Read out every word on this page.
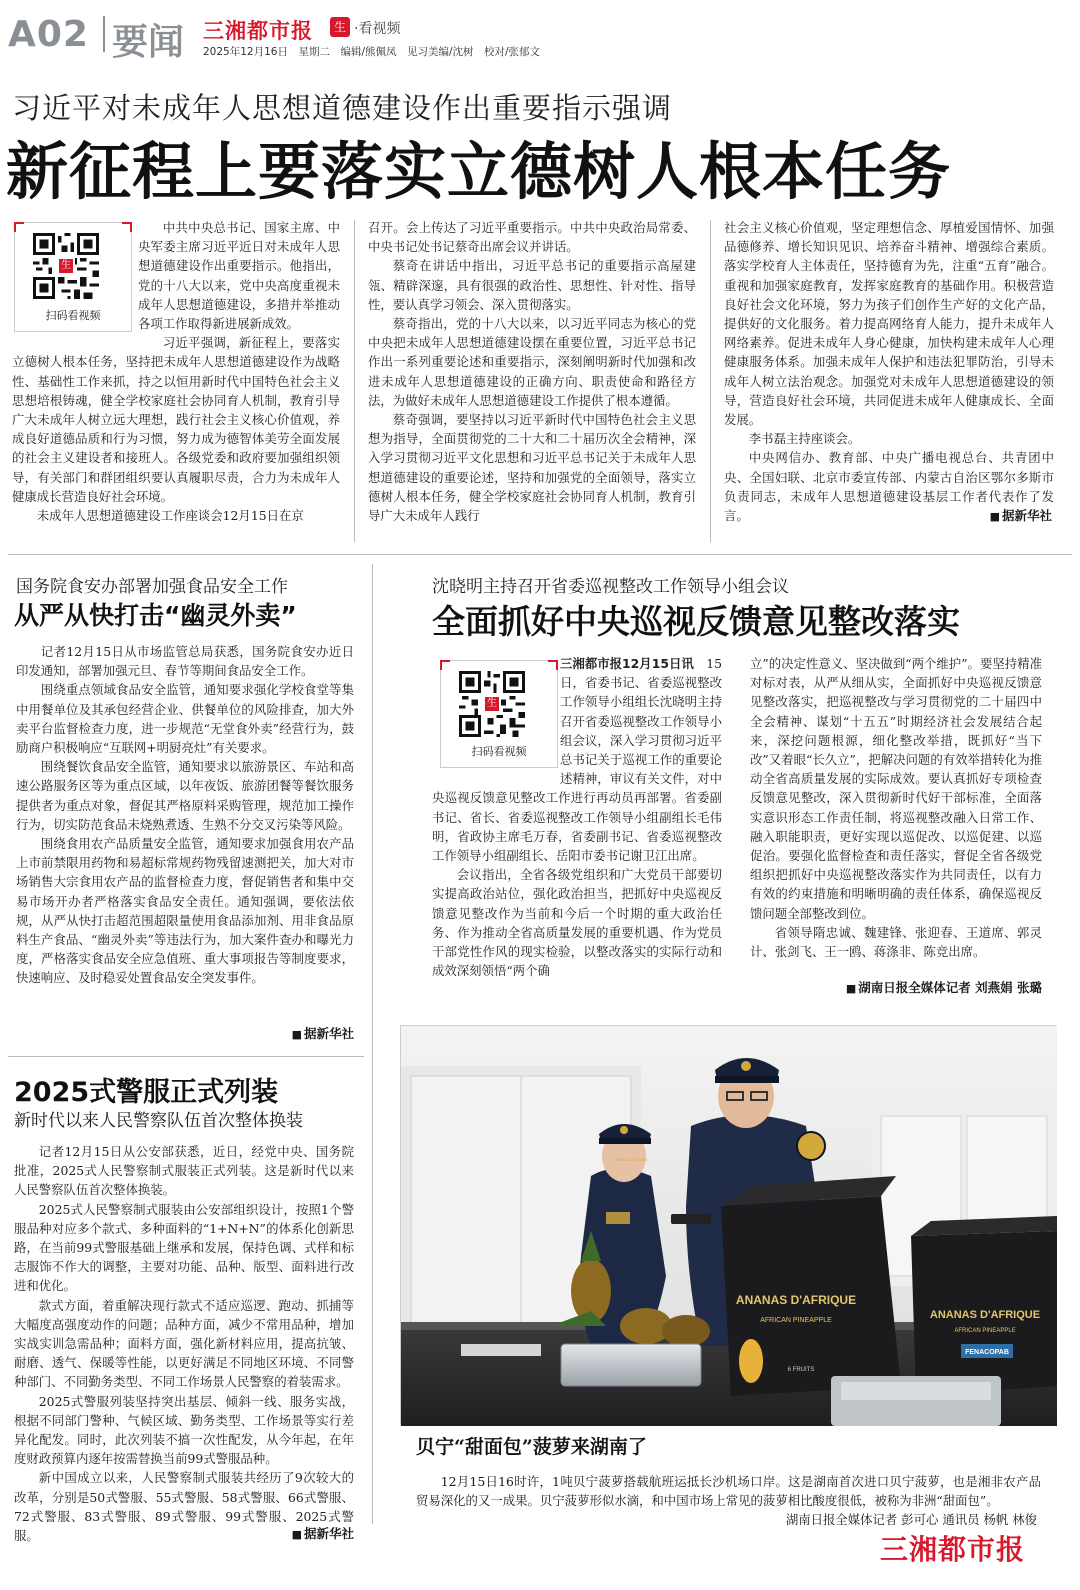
A02 要闻 三湘都市报	生 ·看视频
2025年12月16日　星期二　编辑/熊佩凤　见习美编/沈树　校对/张郁文
习近平对未成年人思想道德建设作出重要指示强调
新征程上要落实立德树人根本任务
生
扫码看视频

中共中央总书记、国家主席、中央军委主席习近平近日对未成年人思想道德建设作出重要指示。他指出，党的十八大以来，党中央高度重视未成年人思想道德建设，多措并举推动各项工作取得新进展新成效。

习近平强调，新征程上，要落实立德树人根本任务，坚持把未成年人思想道德建设作为战略性、基础性工作来抓，持之以恒用新时代中国特色社会主义思想培根铸魂，健全学校家庭社会协同育人机制，教育引导广大未成年人树立远大理想，践行社会主义核心价值观，养成良好道德品质和行为习惯，努力成为德智体美劳全面发展的社会主义建设者和接班人。各级党委和政府要加强组织领导，有关部门和群团组织要认真履职尽责，合力为未成年人健康成长营造良好社会环境。

未成年人思想道德建设工作座谈会12月15日在京

召开。会上传达了习近平重要指示。中共中央政治局常委、中央书记处书记蔡奇出席会议并讲话。

蔡奇在讲话中指出，习近平总书记的重要指示高屋建瓴、精辟深邃，具有很强的政治性、思想性、针对性、指导性，要认真学习领会、深入贯彻落实。

蔡奇指出，党的十八大以来，以习近平同志为核心的党中央把未成年人思想道德建设摆在重要位置，习近平总书记作出一系列重要论述和重要指示，深刻阐明新时代加强和改进未成年人思想道德建设的正确方向、职责使命和路径方法，为做好未成年人思想道德建设工作提供了根本遵循。

蔡奇强调，要坚持以习近平新时代中国特色社会主义思想为指导，全面贯彻党的二十大和二十届历次全会精神，深入学习贯彻习近平文化思想和习近平总书记关于未成年人思想道德建设的重要论述，坚持和加强党的全面领导，落实立德树人根本任务，健全学校家庭社会协同育人机制，教育引导广大未成年人践行

社会主义核心价值观，坚定理想信念、厚植爱国情怀、加强品德修养、增长知识见识、培养奋斗精神、增强综合素质。落实学校育人主体责任，坚持德育为先，注重“五育”融合。重视和加强家庭教育，发挥家庭教育的基础作用。积极营造良好社会文化环境，努力为孩子们创作生产好的文化产品，提供好的文化服务。着力提高网络育人能力，提升未成年人网络素养。促进未成年人身心健康，加快构建未成年人心理健康服务体系。加强未成年人保护和违法犯罪防治，引导未成年人树立法治观念。加强党对未成年人思想道德建设的领导，营造良好社会环境，共同促进未成年人健康成长、全面发展。

李书磊主持座谈会。

中央网信办、教育部、中央广播电视总台、共青团中央、全国妇联、北京市委宣传部、内蒙古自治区鄂尔多斯市负责同志，未成年人思想道德建设基层工作者代表作了发言。	■ 据新华社
国务院食安办部署加强食品安全工作
从严从快打击“幽灵外卖”

记者12月15日从市场监管总局获悉，国务院食安办近日印发通知，部署加强元旦、春节等期间食品安全工作。

围绕重点领域食品安全监管，通知要求强化学校食堂等集中用餐单位及其承包经营企业、供餐单位的风险排查，加大外卖平台监督检查力度，进一步规范“无堂食外卖”经营行为，鼓励商户积极响应“互联网+明厨亮灶”有关要求。

围绕餐饮食品安全监管，通知要求以旅游景区、车站和高速公路服务区等为重点区域，以年夜饭、旅游团餐等餐饮服务提供者为重点对象，督促其严格原料采购管理，规范加工操作行为，切实防范食品未烧熟煮透、生熟不分交叉污染等风险。

围绕食用农产品质量安全监管，通知要求加强食用农产品上市前禁限用药物和易超标常规药物残留速测把关，加大对市场销售大宗食用农产品的监督检查力度，督促销售者和集中交易市场开办者严格落实食品安全责任。通知强调，要依法依规，从严从快打击超范围超限量使用食品添加剂、用非食品原料生产食品、“幽灵外卖”等违法行为，加大案件查办和曝光力度，严格落实食品安全应急值班、重大事项报告等制度要求，快速响应、及时稳妥处置食品安全突发事件。

■ 据新华社
沈晓明主持召开省委巡视整改工作领导小组会议
全面抓好中央巡视反馈意见整改落实
生
扫码看视频

三湘都市报12月15日讯　 15日，省委书记、省委巡视整改工作领导小组组长沈晓明主持召开省委巡视整改工作领导小组会议，深入学习贯彻习近平总书记关于巡视工作的重要论述精神，审议有关文件，对中央巡视反馈意见整改工作进行再动员再部署。省委副书记、省长、省委巡视整改工作领导小组副组长毛伟明，省政协主席毛万春，省委副书记、省委巡视整改工作领导小组副组长、岳阳市委书记谢卫江出席。

会议指出，全省各级党组织和广大党员干部要切实提高政治站位，强化政治担当，把抓好中央巡视反馈意见整改作为当前和今后一个时期的重大政治任务、作为推动全省高质量发展的重要机遇、作为党员干部党性作风的现实检验，以整改落实的实际行动和成效深刻领悟“两个确

立”的决定性意义、坚决做到“两个维护”。要坚持精准对标对表，从严从细从实，全面抓好中央巡视反馈意见整改落实，把巡视整改与学习贯彻党的二十届四中全会精神、谋划“十五五”时期经济社会发展结合起来，深挖问题根源，细化整改举措，既抓好“当下改”又着眼“长久立”，把解决问题的有效举措转化为推动全省高质量发展的实际成效。要认真抓好专项检查反馈意见整改，深入贯彻新时代好干部标准，全面落实意识形态工作责任制，将巡视整改融入日常工作、融入职能职责，更好实现以巡促改、以巡促建、以巡促治。要强化监督检查和责任落实，督促全省各级党组织把抓好中央巡视整改落实作为共同责任，以有力有效的约束措施和明晰明确的责任体系，确保巡视反馈问题全部整改到位。

省领导隋忠诚、魏建锋、张迎春、王道席、郭灵计、张剑飞、王一鸥、蒋涤非、陈竞出席。

■ 湖南日报全媒体记者 刘燕娟 张璐
2025式警服正式列装
新时代以来人民警察队伍首次整体换装

记者12月15日从公安部获悉，近日，经党中央、国务院批准，2025式人民警察制式服装正式列装。这是新时代以来人民警察队伍首次整体换装。

2025式人民警察制式服装由公安部组织设计，按照1个警服品种对应多个款式、多种面料的“1+N+N”的体系化创新思路，在当前99式警服基础上继承和发展，保持色调、式样和标志服饰不作大的调整，主要对功能、品种、版型、面料进行改进和优化。

款式方面，着重解决现行款式不适应巡逻、跑动、抓捕等大幅度高强度动作的问题；品种方面，减少不常用品种，增加实战实训急需品种；面料方面，强化新材料应用，提高抗皱、耐磨、透气、保暖等性能，以更好满足不同地区环境、不同警种部门、不同勤务类型、不同工作场景人民警察的着装需求。

2025式警服列装坚持突出基层、倾斜一线、服务实战，根据不同部门警种、气候区域、勤务类型、工作场景等实行差异化配发。同时，此次列装不搞一次性配发，从今年起，在年度财政预算内逐年按需替换当前99式警服品种。

新中国成立以来，人民警察制式服装共经历了9次较大的改革，分别是50式警服、55式警服、58式警服、66式警服、72式警服、83式警服、89式警服、99式警服、2025式警服。	■ 据新华社
ANANAS D'AFRIQUE
AFRICAN PINEAPPLE
6 FRUITS
ANANAS D'AFRIQUE
AFRICAN PINEAPPLE
FENACOPAB
CHINA CUSTOMS
贝宁“甜面包”菠萝来湖南了

12月15日16时许，1吨贝宁菠萝搭载航班运抵长沙机场口岸。这是湖南首次进口贝宁菠萝，也是湘非农产品贸易深化的又一成果。贝宁菠萝形似水滴，和中国市场上常见的菠萝相比酸度很低，被称为非洲“甜面包”。

湖南日报全媒体记者 彭可心 通讯员 杨帆 林俊

三湘都市报
